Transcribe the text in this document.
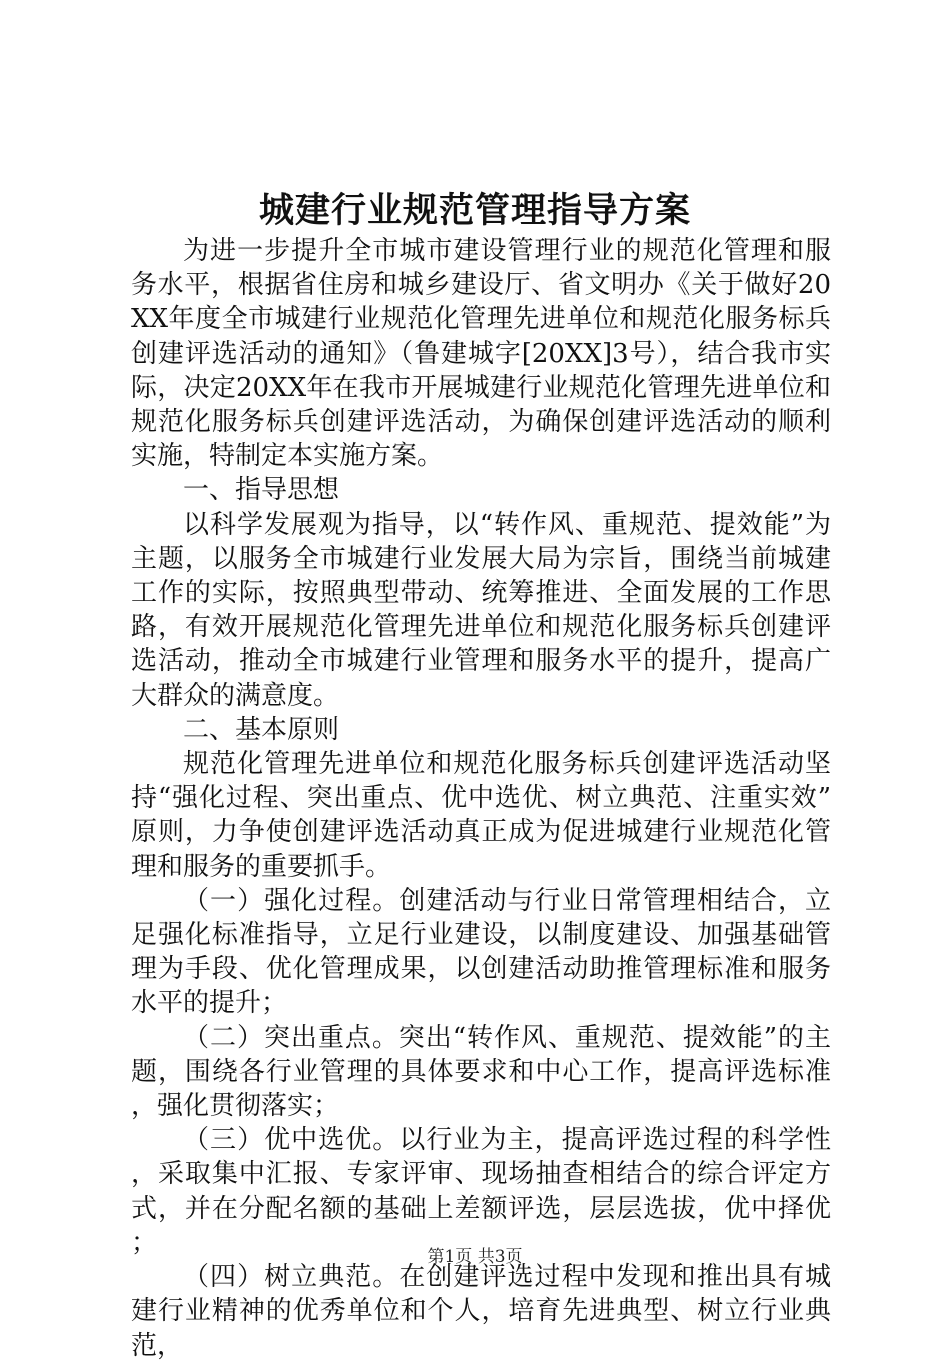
城建行业规范管理指导方案

为进一步提升全市城市建设管理行业的规范化管理和服务水平，根据省住房和城乡建设厅、省文明办《关于做好20XX年度全市城建行业规范化管理先进单位和规范化服务标兵创建评选活动的通知》（鲁建城字[20XX]3号），结合我市实际，决定20XX年在我市开展城建行业规范化管理先进单位和规范化服务标兵创建评选活动，为确保创建评选活动的顺利实施，特制定本实施方案。

一、指导思想

以科学发展观为指导，以“转作风、重规范、提效能”为主题，以服务全市城建行业发展大局为宗旨，围绕当前城建工作的实际，按照典型带动、统筹推进、全面发展的工作思路，有效开展规范化管理先进单位和规范化服务标兵创建评选活动，推动全市城建行业管理和服务水平的提升，提高广大群众的满意度。

二、基本原则

规范化管理先进单位和规范化服务标兵创建评选活动坚持“强化过程、突出重点、优中选优、树立典范、注重实效”原则，力争使创建评选活动真正成为促进城建行业规范化管理和服务的重要抓手。

（一）强化过程。创建活动与行业日常管理相结合，立足强化标准指导，立足行业建设，以制度建设、加强基础管理为手段、优化管理成果，以创建活动助推管理标准和服务水平的提升；

（二）突出重点。突出“转作风、重规范、提效能”的主题，围绕各行业管理的具体要求和中心工作，提高评选标准，强化贯彻落实；

（三）优中选优。以行业为主，提高评选过程的科学性，采取集中汇报、专家评审、现场抽查相结合的综合评定方式，并在分配名额的基础上差额评选，层层选拔，优中择优；

（四）树立典范。在创建评选过程中发现和推出具有城建行业精神的优秀单位和个人，培育先进典型、树立行业典范，

第1页 共3页
